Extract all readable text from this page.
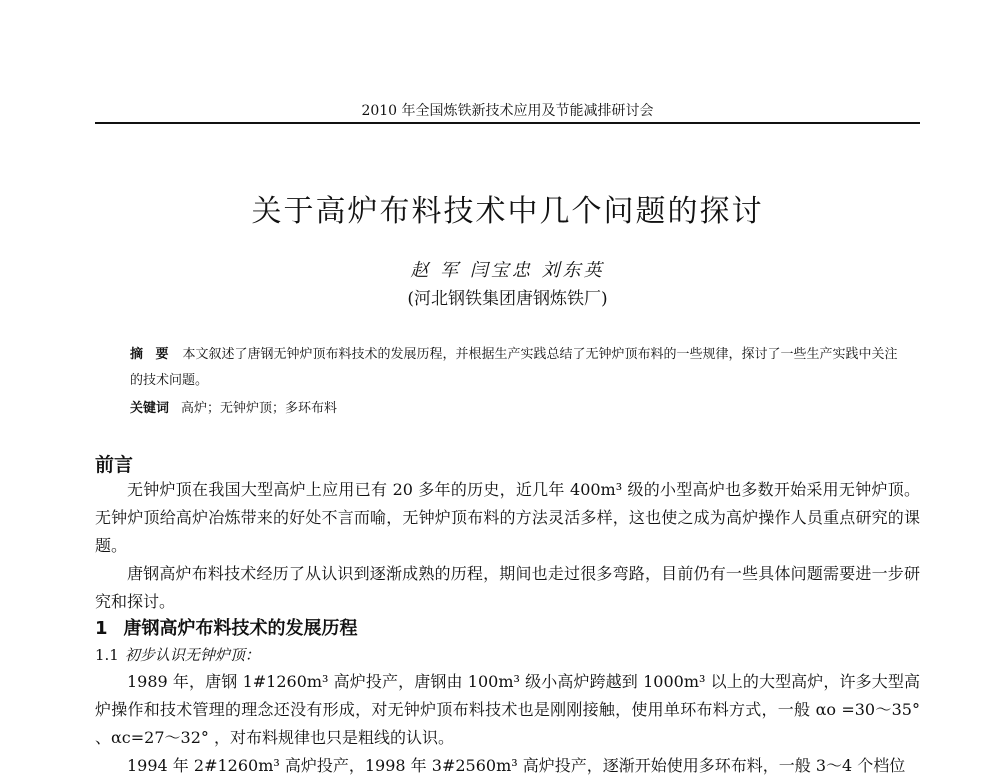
2010 年全国炼铁新技术应用及节能减排研讨会
关于高炉布料技术中几个问题的探讨
赵 军 闫宝忠 刘东英
(河北钢铁集团唐钢炼铁厂)
摘 要 本文叙述了唐钢无钟炉顶布料技术的发展历程，并根据生产实践总结了无钟炉顶布料的一些规律，探讨了一些生产实践中关注的技术问题。
关键词 高炉；无钟炉顶；多环布料
前言
无钟炉顶在我国大型高炉上应用已有 20 多年的历史，近几年 400m³ 级的小型高炉也多数开始采用无钟炉顶。无钟炉顶给高炉冶炼带来的好处不言而喻，无钟炉顶布料的方法灵活多样，这也使之成为高炉操作人员重点研究的课题。
唐钢高炉布料技术经历了从认识到逐渐成熟的历程，期间也走过很多弯路，目前仍有一些具体问题需要进一步研究和探讨。
1 唐钢高炉布料技术的发展历程
1.1 初步认识无钟炉顶：
1989 年，唐钢 1#1260m³ 高炉投产，唐钢由 100m³ 级小高炉跨越到 1000m³ 以上的大型高炉，许多大型高炉操作和技术管理的理念还没有形成，对无钟炉顶布料技术也是刚刚接触，使用单环布料方式，一般 αo =30～35° 、αc=27～32° ，对布料规律也只是粗线的认识。
1994 年 2#1260m³ 高炉投产，1998 年 3#2560m³ 高炉投产，逐渐开始使用多环布料，一般 3～4 个档位
